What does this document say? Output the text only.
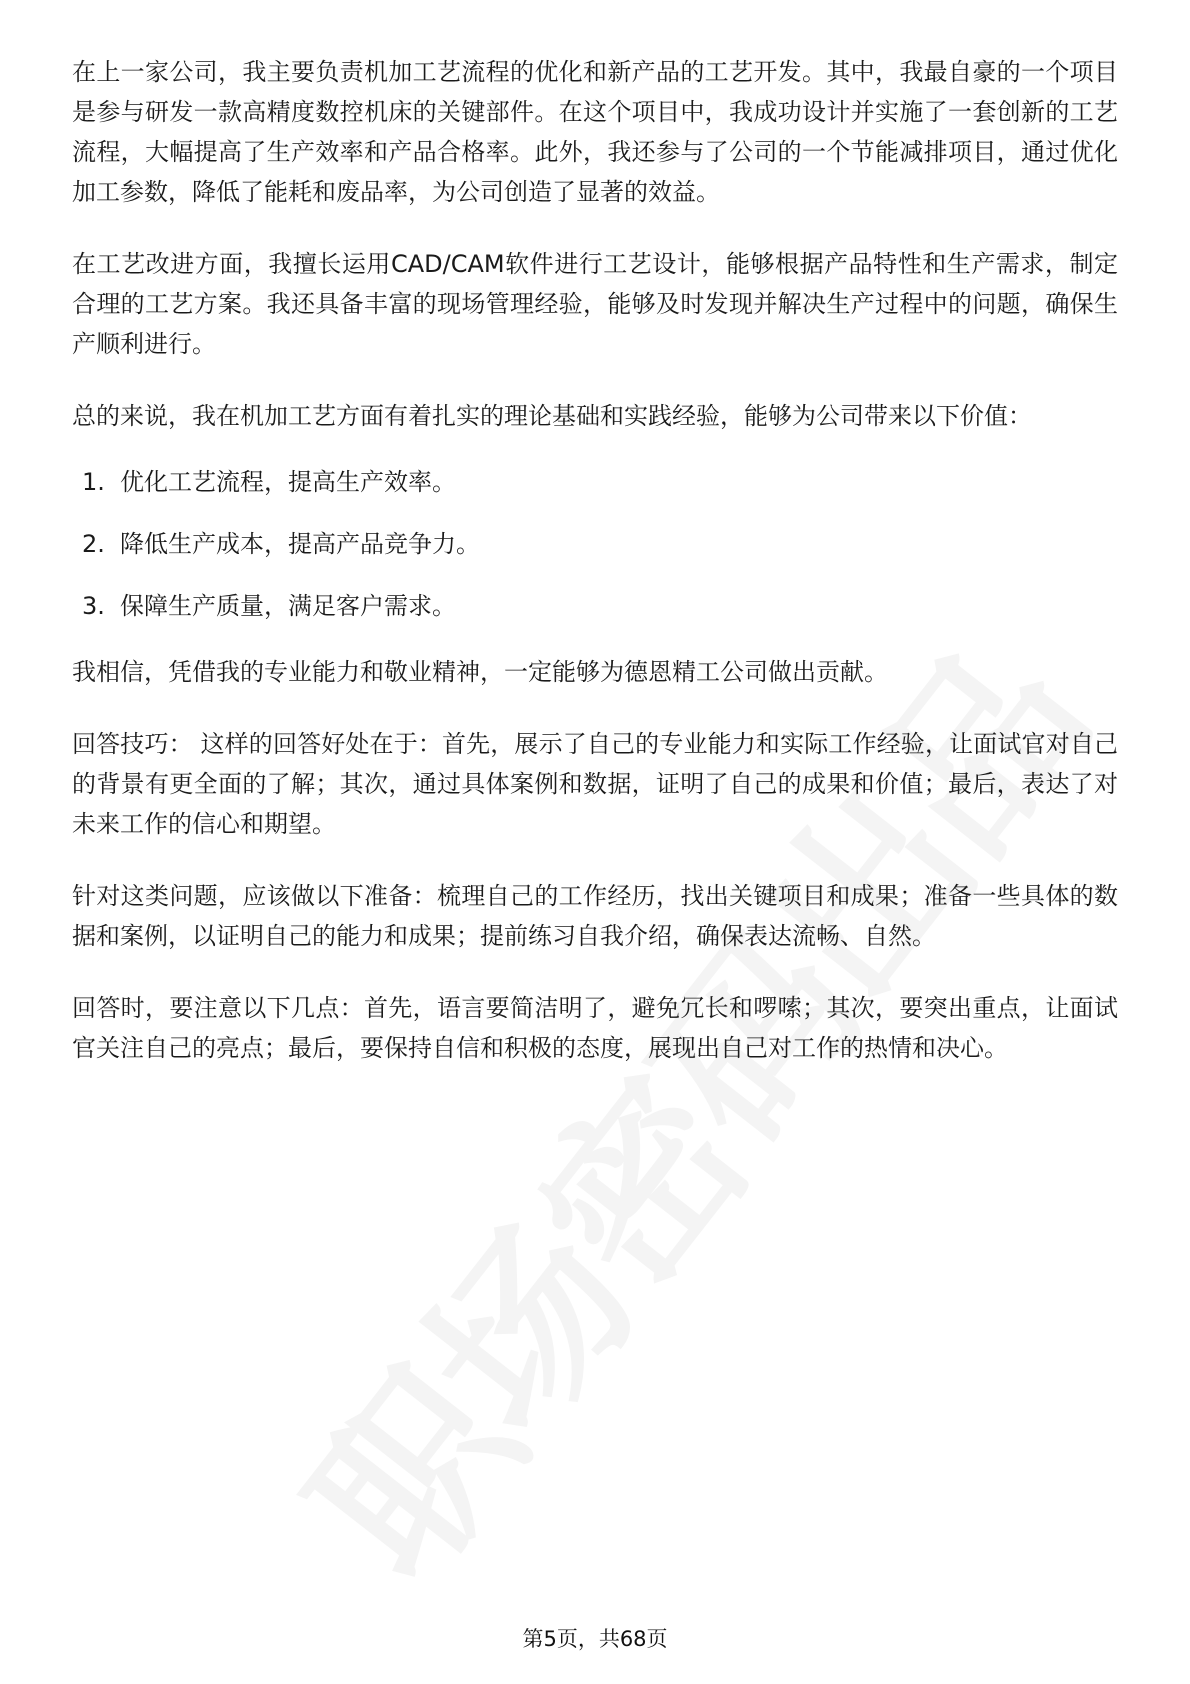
在上一家公司，我主要负责机加工艺流程的优化和新产品的工艺开发。其中，我最自豪的一个项目是参与研发一款高精度数控机床的关键部件。在这个项目中，我成功设计并实施了一套创新的工艺流程，大幅提高了生产效率和产品合格率。此外，我还参与了公司的一个节能减排项目，通过优化加工参数，降低了能耗和废品率，为公司创造了显著的效益。

在工艺改进方面，我擅长运用CAD/CAM软件进行工艺设计，能够根据产品特性和生产需求，制定合理的工艺方案。我还具备丰富的现场管理经验，能够及时发现并解决生产过程中的问题，确保生产顺利进行。

总的来说，我在机加工艺方面有着扎实的理论基础和实践经验，能够为公司带来以下价值：

1. 优化工艺流程，提高生产效率。
2. 降低生产成本，提高产品竞争力。
3. 保障生产质量，满足客户需求。

我相信，凭借我的专业能力和敬业精神，一定能够为德恩精工公司做出贡献。

回答技巧： 这样的回答好处在于：首先，展示了自己的专业能力和实际工作经验，让面试官对自己的背景有更全面的了解；其次，通过具体案例和数据，证明了自己的成果和价值；最后，表达了对未来工作的信心和期望。

针对这类问题，应该做以下准备：梳理自己的工作经历，找出关键项目和成果；准备一些具体的数据和案例，以证明自己的能力和成果；提前练习自我介绍，确保表达流畅、自然。

回答时，要注意以下几点：首先，语言要简洁明了，避免冗长和啰嗦；其次，要突出重点，让面试官关注自己的亮点；最后，要保持自信和积极的态度，展现出自己对工作的热情和决心。

第5页，共68页
